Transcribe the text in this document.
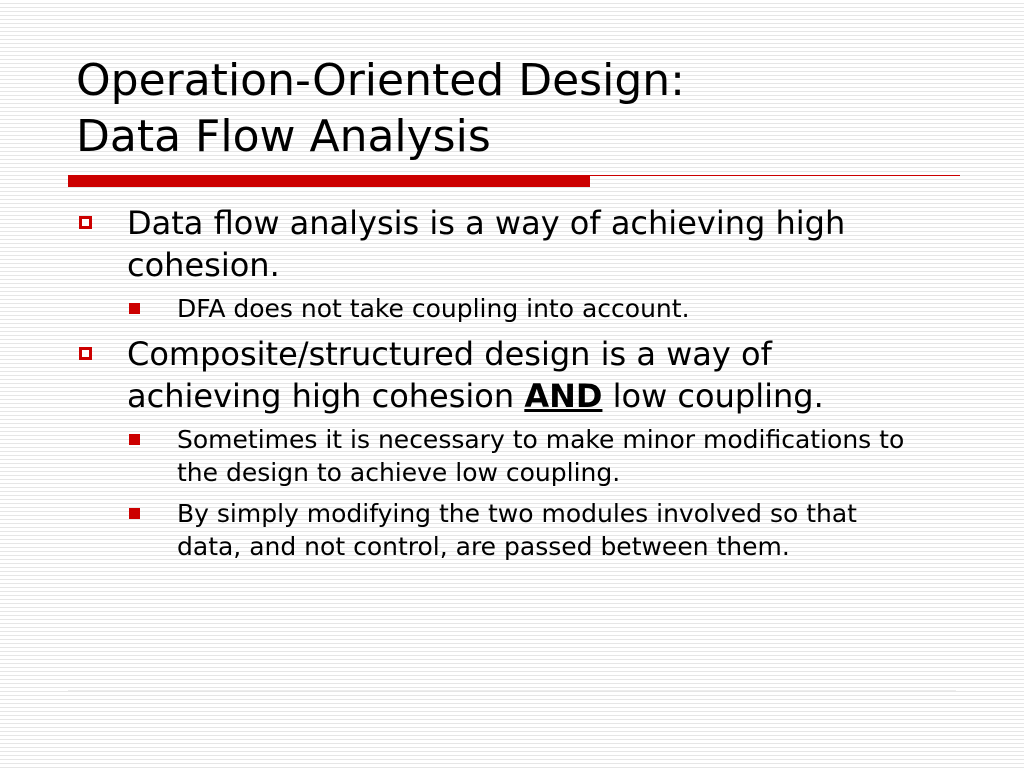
Operation-Oriented Design:
Data Flow Analysis
Data flow analysis is a way of achieving high cohesion.
DFA does not take coupling into account.
Composite/structured design is a way of achieving high cohesion AND low coupling.
Sometimes it is necessary to make minor modifications to the design to achieve low coupling.
By simply modifying the two modules involved so that data, and not control, are passed between them.
